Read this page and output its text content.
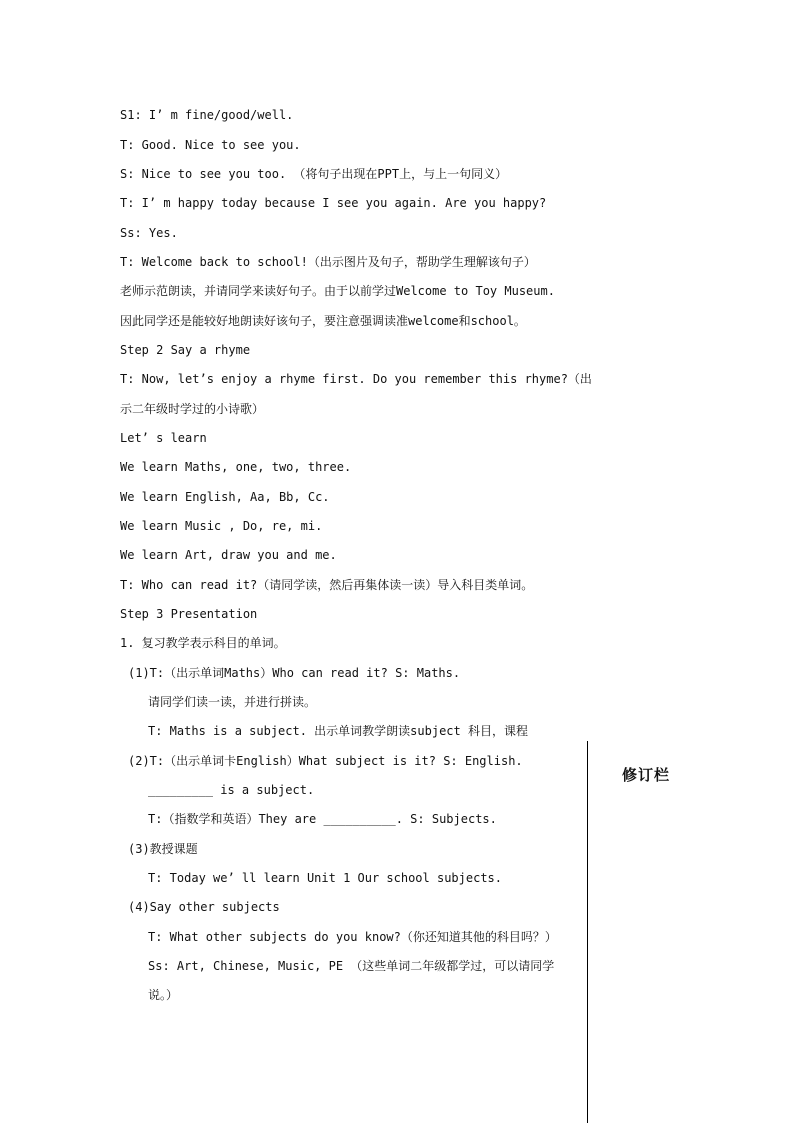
S1: I’ m fine/good/well.
T: Good. Nice to see you.
S: Nice to see you too. （将句子出现在PPT上，与上一句同义）
T: I’ m happy today because I see you again. Are you happy?
Ss: Yes.
T: Welcome back to school!（出示图片及句子，帮助学生理解该句子）
老师示范朗读，并请同学来读好句子。由于以前学过Welcome to Toy Museum.
因此同学还是能较好地朗读好该句子，要注意强调读准welcome和school。
Step 2 Say a rhyme
T: Now, let’s enjoy a rhyme first. Do you remember this rhyme?（出
示二年级时学过的小诗歌）
Let’ s learn
We learn Maths, one, two, three.
We learn English, Aa, Bb, Cc.
We learn Music , Do, re, mi.
We learn Art, draw you and me.
T: Who can read it?（请同学读，然后再集体读一读）导入科目类单词。
Step 3 Presentation
1. 复习教学表示科目的单词。
(1)T:（出示单词Maths）Who can read it? S: Maths.
请同学们读一读，并进行拼读。
T: Maths is a subject. 出示单词教学朗读subject 科目，课程
(2)T:（出示单词卡English）What subject is it? S: English.
_________ is a subject.
T:（指数学和英语）They are __________. S: Subjects.
(3)教授课题
T: Today we’ ll learn Unit 1 Our school subjects.
(4)Say other subjects
T: What other subjects do you know?（你还知道其他的科目吗？）
Ss: Art, Chinese, Music, PE （这些单词二年级都学过，可以请同学
说。）
修订栏
